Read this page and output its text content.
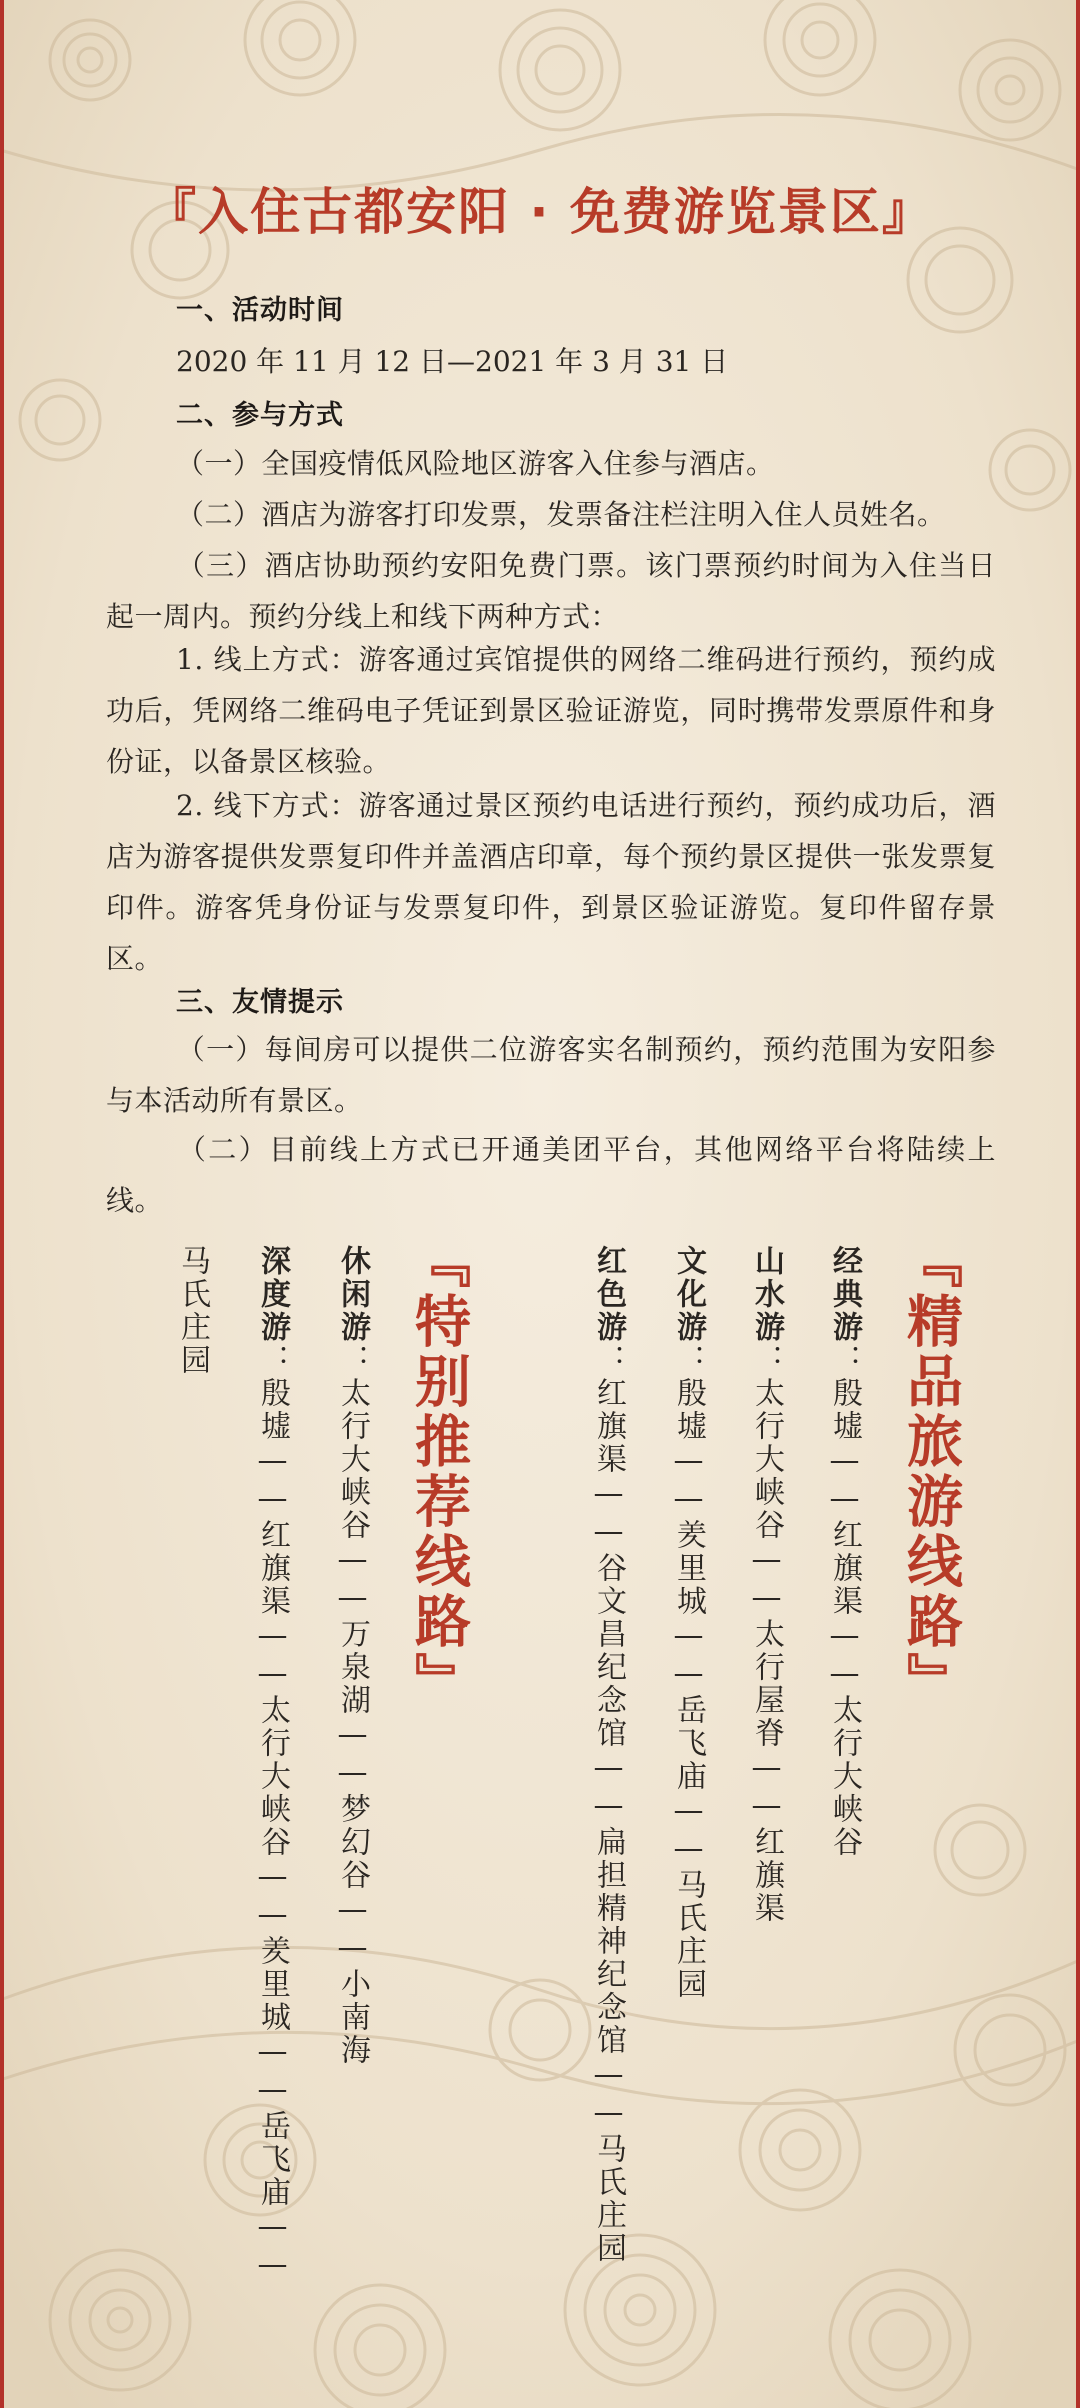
『入住古都安阳 · 免费游览景区』
一、活动时间
2020 年 11 月 12 日—2021 年 3 月 31 日
二、参与方式
（一）全国疫情低风险地区游客入住参与酒店。
（二）酒店为游客打印发票，发票备注栏注明入住人员姓名。
（三）酒店协助预约安阳免费门票。该门票预约时间为入住当日起一周内。预约分线上和线下两种方式：
1. 线上方式：游客通过宾馆提供的网络二维码进行预约，预约成功后，凭网络二维码电子凭证到景区验证游览，同时携带发票原件和身份证，以备景区核验。
2. 线下方式：游客通过景区预约电话进行预约，预约成功后，酒店为游客提供发票复印件并盖酒店印章，每个预约景区提供一张发票复印件。游客凭身份证与发票复印件，到景区验证游览。复印件留存景区。
三、友情提示
（一）每间房可以提供二位游客实名制预约，预约范围为安阳参与本活动所有景区。
（二）目前线上方式已开通美团平台，其他网络平台将陆续上线。
『精品旅游线路』
经典游：殷墟——红旗渠——太行大峡谷
山水游：太行大峡谷——太行屋脊——红旗渠
文化游：殷墟——羑里城——岳飞庙——马氏庄园
红色游：红旗渠——谷文昌纪念馆——扁担精神纪念馆——马氏庄园
『特别推荐线路』
休闲游：太行大峡谷——万泉湖——梦幻谷——小南海
深度游：殷墟——红旗渠——太行大峡谷——羑里城——岳飞庙——
马氏庄园
